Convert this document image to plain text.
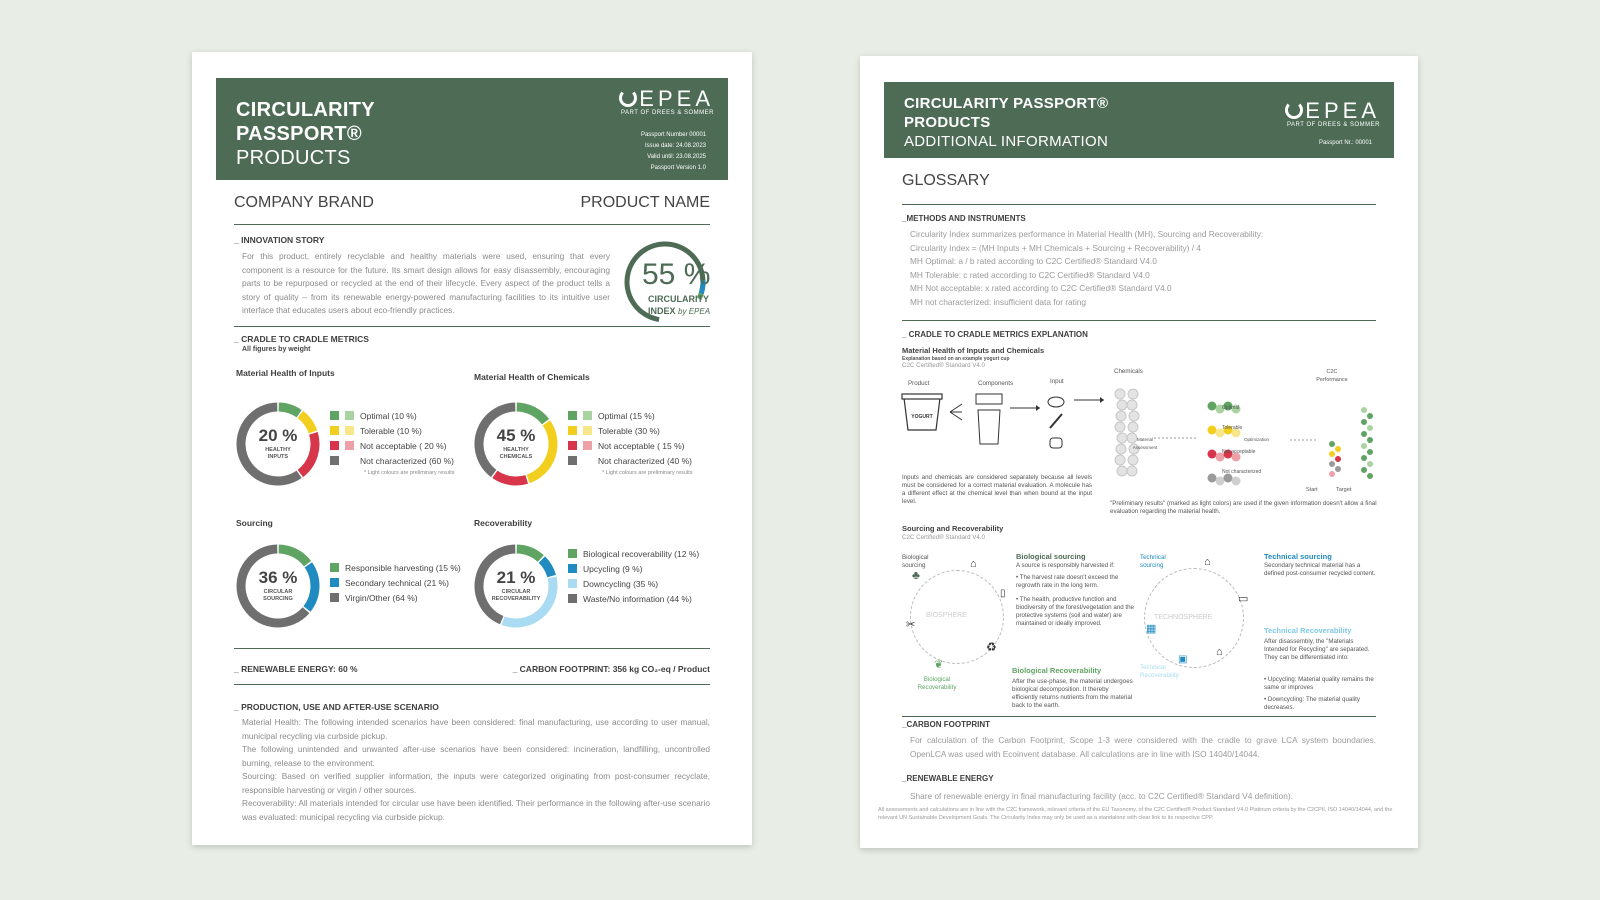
CIRCULARITY
PASSPORT®
PRODUCTS
EPEA
PART OF DREES & SOMMER
Passport Number 00001
Issue date: 24.08.2023
Valid until: 23.08.2025
Passport Version 1.0
COMPANY BRAND	PRODUCT NAME
_ INNOVATION STORY
For this product, entirely recyclable and healthy materials were used, ensuring that every component is a resource for the future. Its smart design allows for easy disassembly, encouraging parts to be repurposed or recycled at the end of their lifecycle. Every aspect of the product tells a story of quality – from its renewable energy-powered manufacturing facilities to its intuitive user interface that educates users about eco-friendly practices.
55 %
CIRCULARITY
INDEX by EPEA
_ CRADLE TO CRADLE METRICS
All figures by weight
Material Health of Inputs
20 %
HEALTHY INPUTS
Optimal (10 %)
Tolerable (10 %)
Not acceptable ( 20 %)
Not characterized (60 %)
* Light colours are preliminary results
Material Health of Chemicals
45 %
HEALTHY CHEMICALS
Optimal (15 %)
Tolerable (30 %)
Not acceptable ( 15 %)
Not characterized (40 %)
* Light colours are preliminary results
Sourcing
36 %
CIRCULAR SOURCING
Responsible harvesting (15 %)
Secondary technical (21 %)
Virgin/Other (64 %)
Recoverability
21 %
CIRCULAR RECOVERABILITY
Biological recoverability (12 %)
Upcycling (9 %)
Downcycling (35 %)
Waste/No information (44 %)
_ RENEWABLE ENERGY: 60 %	_ CARBON FOOTPRINT: 356 kg CO₂-eq / Product
_ PRODUCTION, USE AND AFTER-USE SCENARIO
Material Health: The following intended scenarios have been considered: final manufacturing, use according to user manual, municipal recycling via curbside pickup.
The following unintended and unwanted after-use scenarios have been considered: incineration, landfilling, uncontrolled burning, release to the environment.
Sourcing: Based on verified supplier information, the inputs were categorized originating from post-consumer recyclate, responsible harvesting or virgin / other sources.
Recoverability: All materials intended for circular use have been identified. Their performance in the following after-use scenario was evaluated: municipal recycling via curbside pickup.
CIRCULARITY PASSPORT®
PRODUCTS
ADDITIONAL INFORMATION
EPEA
PART OF DREES & SOMMER
Passport Nr.: 00001
GLOSSARY
_METHODS AND INSTRUMENTS
Circularity Index summarizes performance in Material Health (MH), Sourcing and Recoverability:
Circularity Index = (MH Inputs + MH Chemicals + Sourcing + Recoverability) / 4
MH Optimal: a / b rated according to C2C Certified® Standard V4.0
MH Tolerable: c rated according to C2C Certified® Standard V4.0
MH Not acceptable: x rated according to C2C Certified® Standard V4.0
MH not characterized: insufficient data for rating
_ CRADLE TO CRADLE METRICS EXPLANATION
Material Health of Inputs and Chemicals
Explanation based on an example yogurt cup
C2C Certified® Standard V4.0
Product	Components	Input
Chemicals	C2C Performance
YOGURT
Material Assessment
Optimization
Optimal
Tolerable
Not acceptable
Not characterized
Start	Target
Inputs and chemicals are considered separately because all levels must be considered for a correct material evaluation. A molecule has a different effect at the chemical level than when bound at the input level.	"Preliminary results" (marked as light colors) are used if the given information doesn't allow a final evaluation regarding the material health.
Sourcing and Recoverability
C2C Certified® Standard V4.0
BIOSPHERE
Biological sourcing
Biological Recoverability
♣
⌂
▯
♻
✂
❦
Biological sourcing
A source is responsibly harvested if:
• The harvest rate doesn't exceed the regrowth rate in the long term.
• The health, productive function and biodiversity of the forest/vegetation and the protective systems (soil and water) are maintained or ideally improved.
Biological Recoverability
After the use-phase, the material undergoes biological decomposition. It thereby efficiently returns nutrients from the material back to the earth.
TECHNOSPHERE
Technical sourcing
Technical Recoverability
⌂
▭
⌂
▣
▦
Technical sourcing
Secondary technical material has a defined post-consumer recycled content.
Technical Recoverability
After disassembly, the "Materials Intended for Recycling" are separated. They can be differentiated into:
• Upcycling: Material quality remains the same or improves
• Downcycling: The material quality decreases.
_CARBON FOOTPRINT
For calculation of the Carbon Footprint, Scope 1-3 were considered with the cradle to grave LCA system boundaries. OpenLCA was used with Ecoinvent database. All calculations are in line with ISO 14040/14044.
_RENEWABLE ENERGY
Share of renewable energy in final manufacturing facility (acc. to C2C Certified® Standard V4 definition).
All assessments and calculations are in line with the C2C framework, relevant criteria of the EU Taxonomy, of the C2C Certified® Product Standard V4.0 Platinum criteria by the C2CPII, ISO 14040/14044, and the relevant UN Sustainable Development Goals. The Circularity Index may only be used as a standalone with clear link to its respective CPP.
